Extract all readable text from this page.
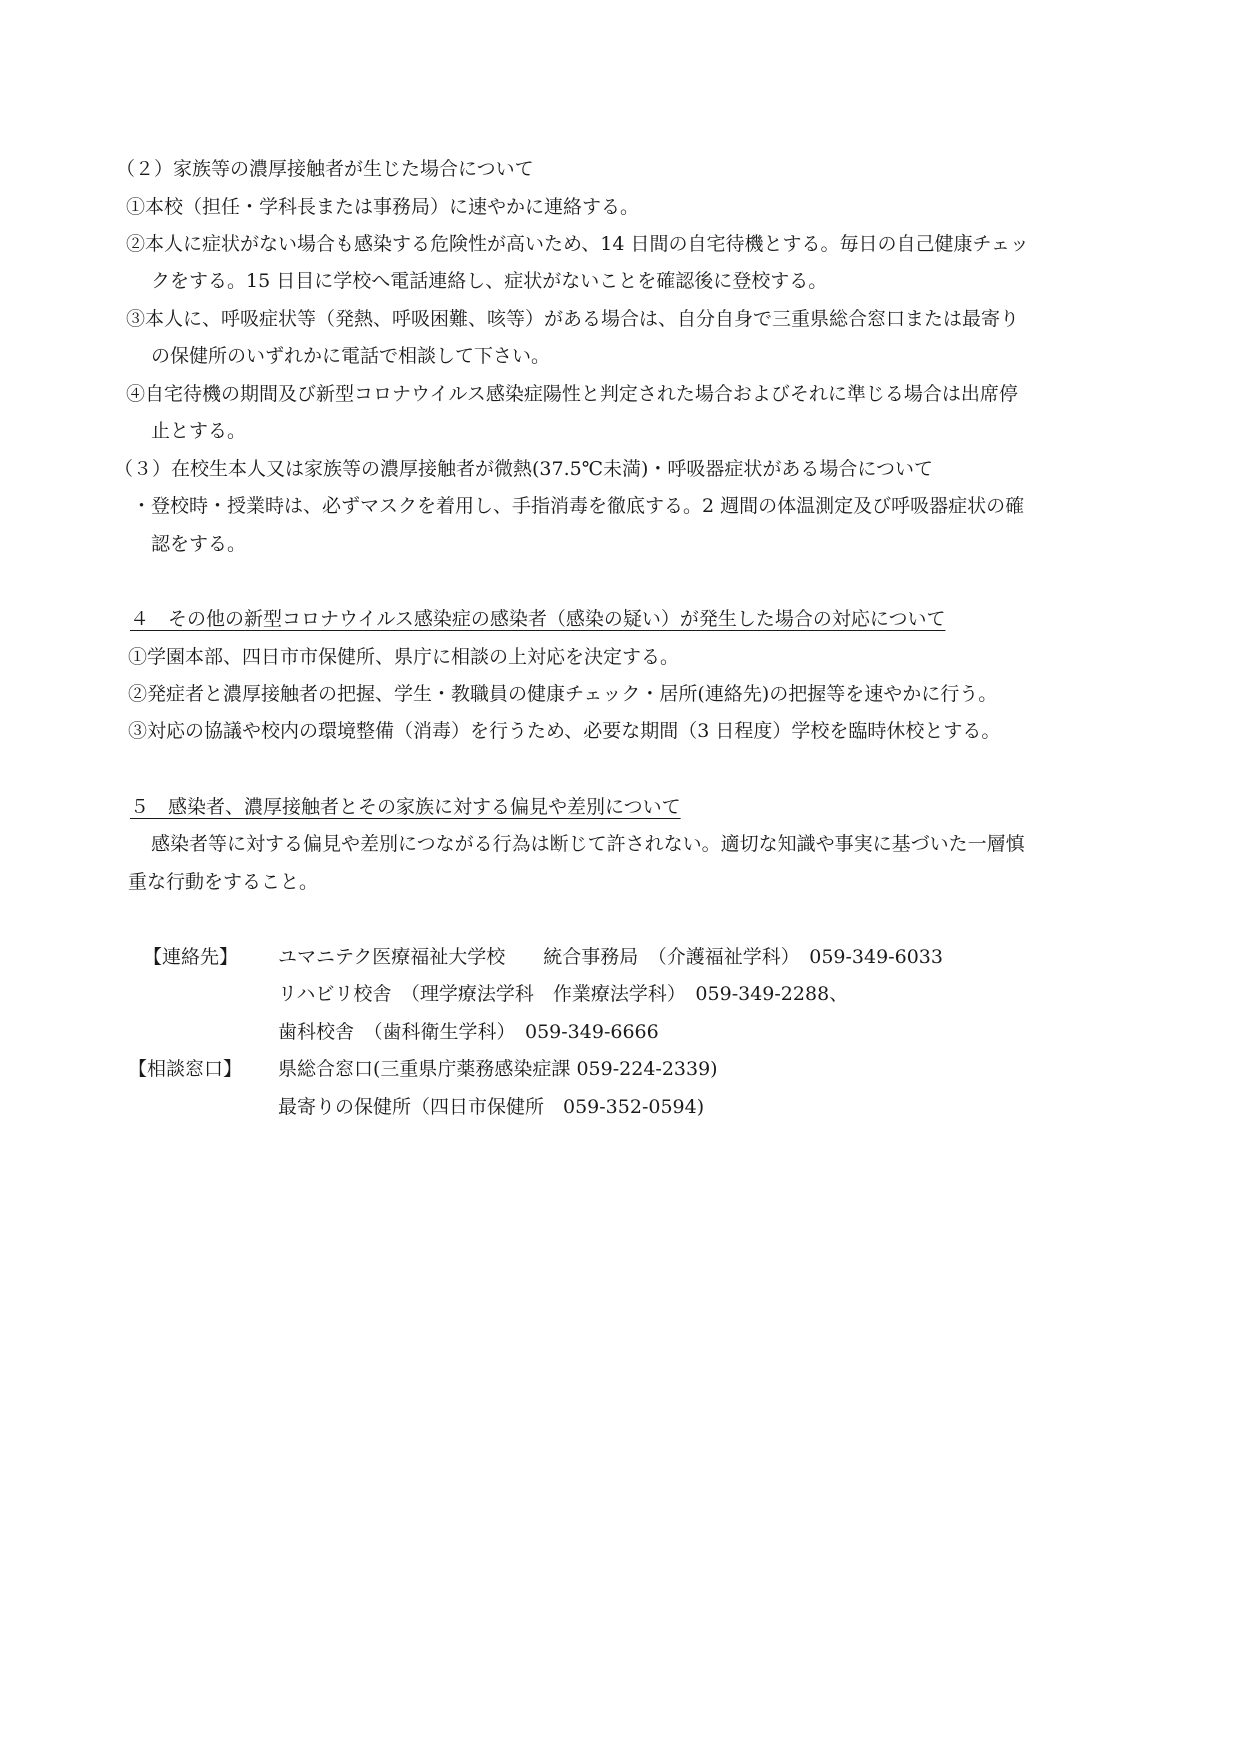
（２）家族等の濃厚接触者が生じた場合について
①本校（担任・学科長または事務局）に速やかに連絡する。
②本人に症状がない場合も感染する危険性が高いため、14 日間の自宅待機とする。毎日の自己健康チェッ
クをする。15 日目に学校へ電話連絡し、症状がないことを確認後に登校する。
③本人に、呼吸症状等（発熱、呼吸困難、咳等）がある場合は、自分自身で三重県総合窓口または最寄り
の保健所のいずれかに電話で相談して下さい。
④自宅待機の期間及び新型コロナウイルス感染症陽性と判定された場合およびそれに準じる場合は出席停
止とする。
（３）在校生本人又は家族等の濃厚接触者が微熱(37.5℃未満)・呼吸器症状がある場合について
・登校時・授業時は、必ずマスクを着用し、手指消毒を徹底する。2 週間の体温測定及び呼吸器症状の確
認をする。
４　その他の新型コロナウイルス感染症の感染者（感染の疑い）が発生した場合の対応について
①学園本部、四日市市保健所、県庁に相談の上対応を決定する。
②発症者と濃厚接触者の把握、学生・教職員の健康チェック・居所(連絡先)の把握等を速やかに行う。
③対応の協議や校内の環境整備（消毒）を行うため、必要な期間（3 日程度）学校を臨時休校とする。
５　感染者、濃厚接触者とその家族に対する偏見や差別について
感染者等に対する偏見や差別につながる行為は断じて許されない。適切な知識や事実に基づいた一層慎
重な行動をすること。
【連絡先】 ユマニテク医療福祉大学校　　統合事務局　（介護福祉学科）　059-349-6033
リハビリ校舎　（理学療法学科　作業療法学科）　059-349-2288、
歯科校舎　（歯科衛生学科）　059-349-6666
【相談窓口】 県総合窓口(三重県庁薬務感染症課 059-224-2339)
最寄りの保健所（四日市保健所　059-352-0594)
